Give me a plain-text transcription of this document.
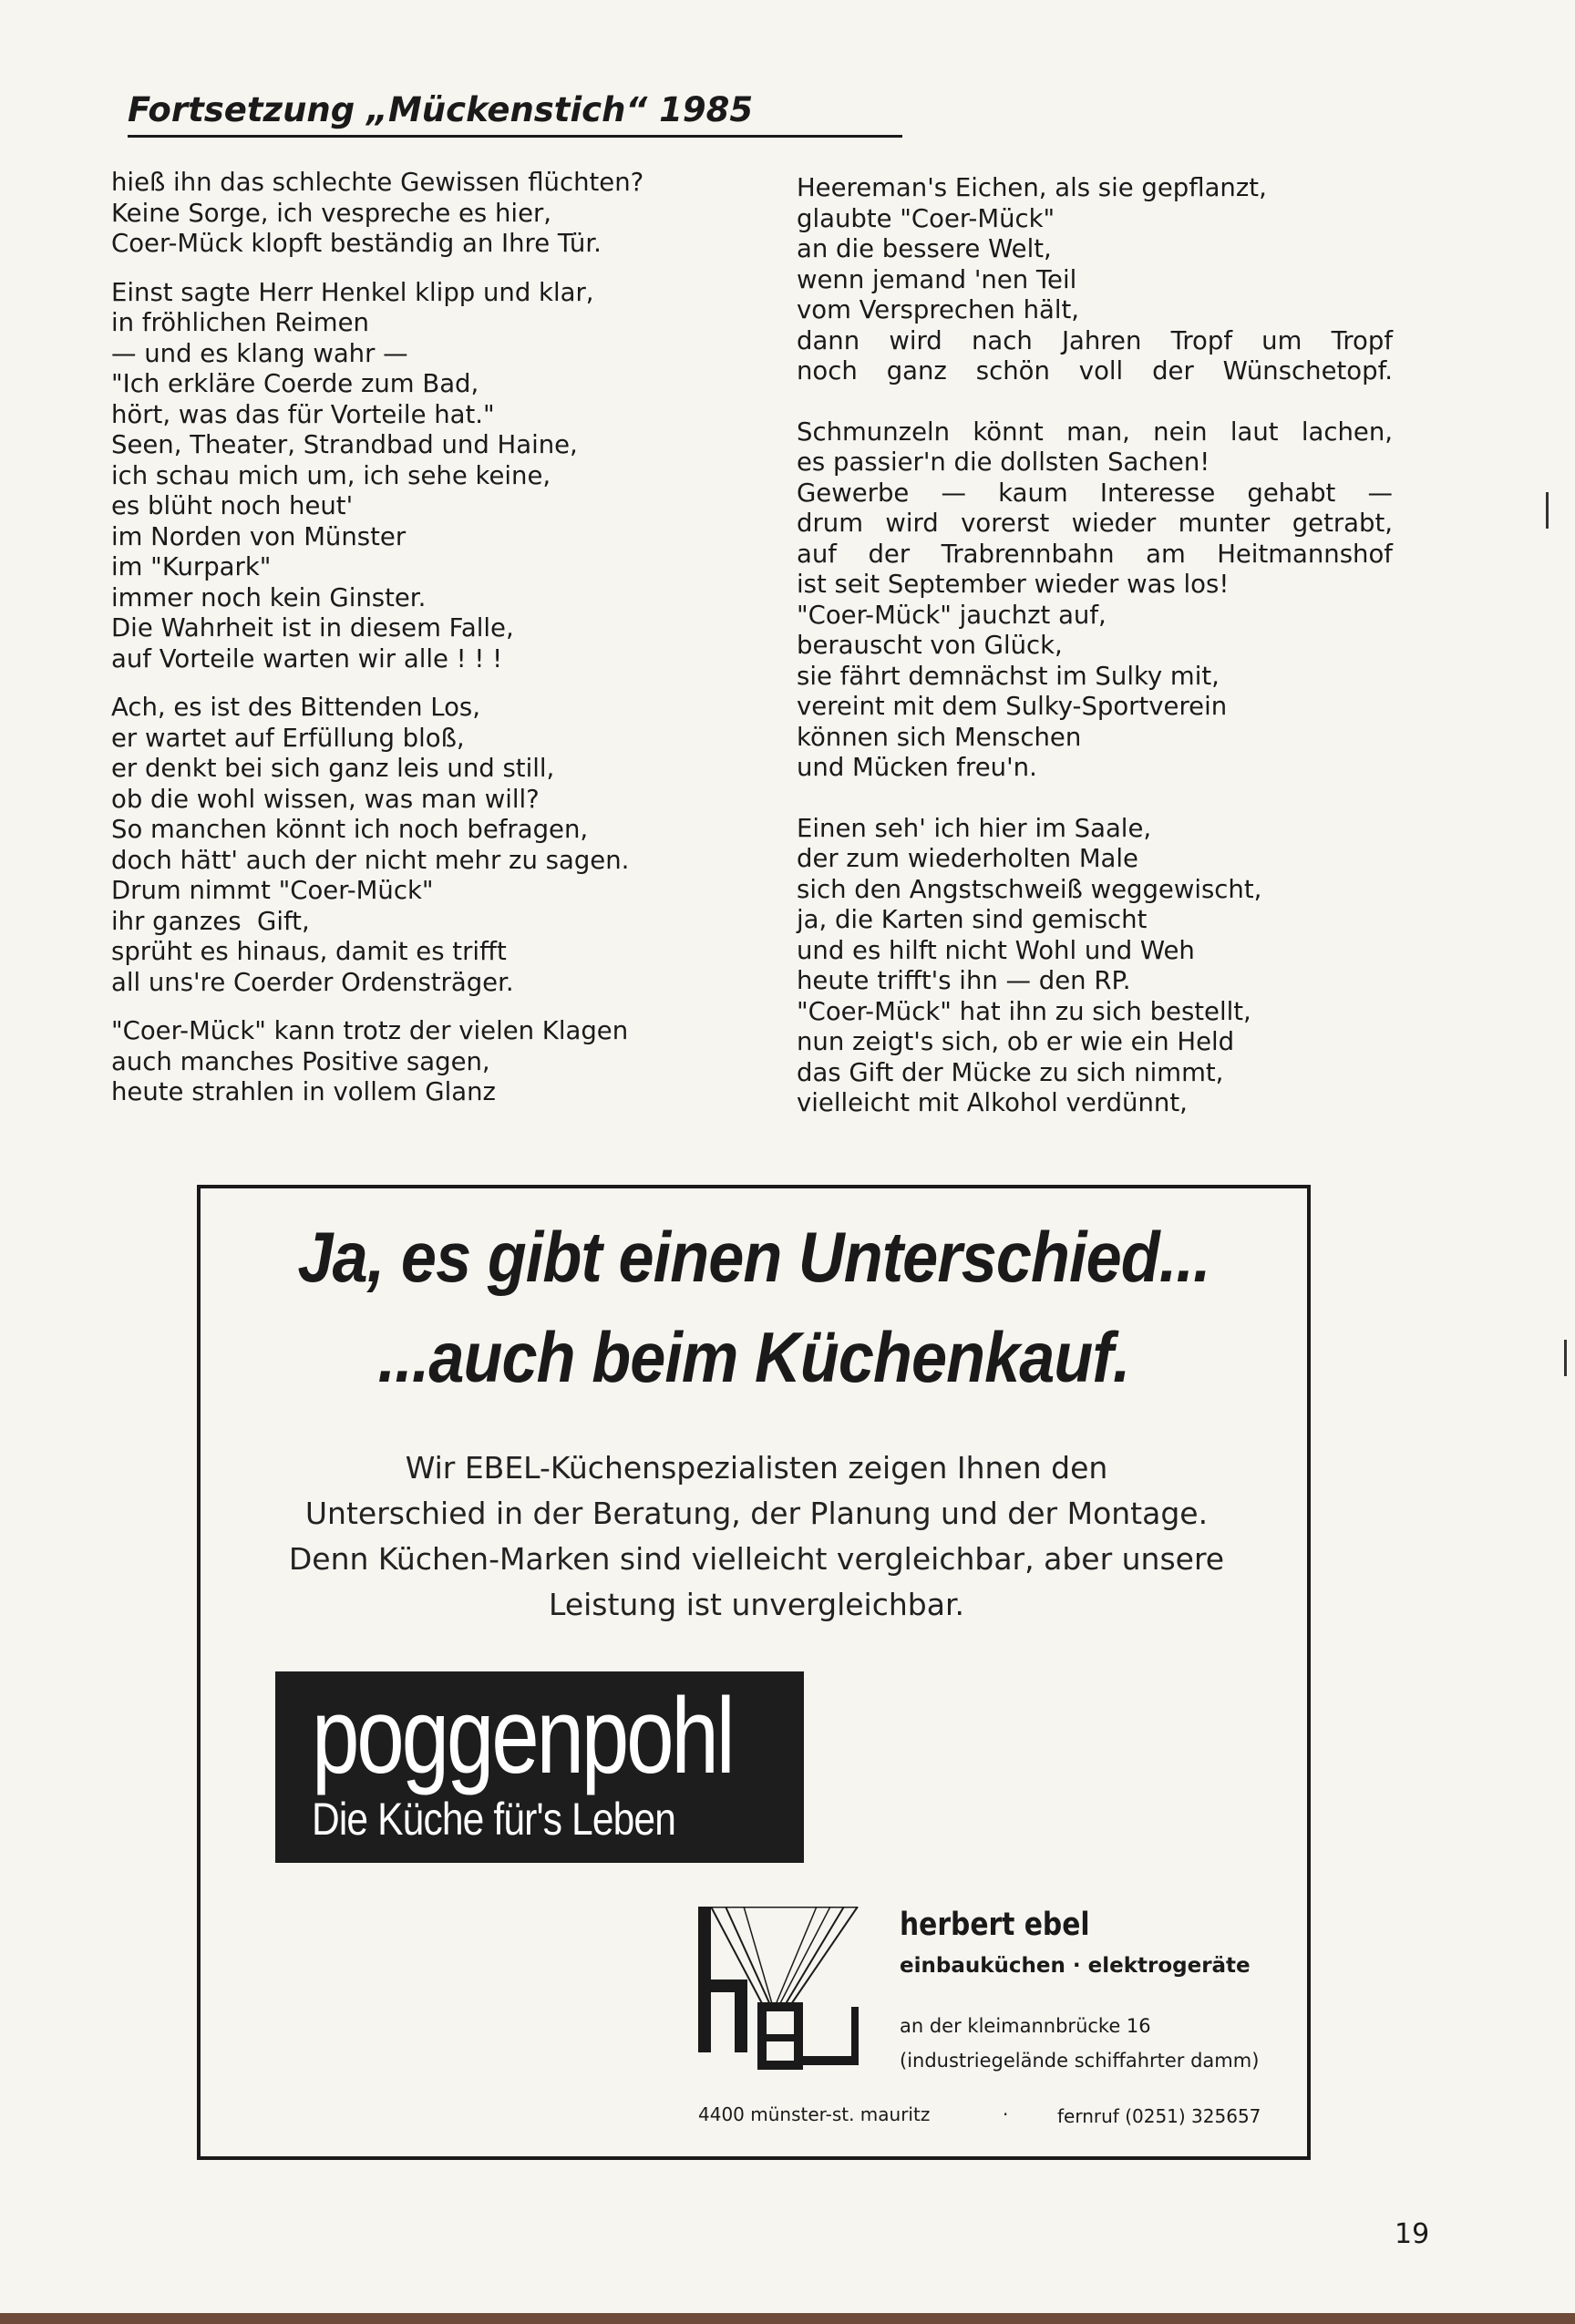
Fortsetzung „Mückenstich“ 1985
hieß ihn das schlechte Gewissen flüchten?
Keine Sorge, ich vespreche es hier,
Coer-Mück klopft beständig an Ihre Tür.
Einst sagte Herr Henkel klipp und klar,
in fröhlichen Reimen
— und es klang wahr —
"Ich erkläre Coerde zum Bad,
hört, was das für Vorteile hat."
Seen, Theater, Strandbad und Haine,
ich schau mich um, ich sehe keine,
es blüht noch heut'
im Norden von Münster
im "Kurpark"
immer noch kein Ginster.
Die Wahrheit ist in diesem Falle,
auf Vorteile warten wir alle ! ! !
Ach, es ist des Bittenden Los,
er wartet auf Erfüllung bloß,
er denkt bei sich ganz leis und still,
ob die wohl wissen, was man will?
So manchen könnt ich noch befragen,
doch hätt' auch der nicht mehr zu sagen.
Drum nimmt "Coer-Mück"
ihr ganzes  Gift,
sprüht es hinaus, damit es trifft
all uns're Coerder Ordensträger.
"Coer-Mück" kann trotz der vielen Klagen
auch manches Positive sagen,
heute strahlen in vollem Glanz
Heereman's Eichen, als sie gepflanzt,
glaubte "Coer-Mück"
an die bessere Welt,
wenn jemand 'nen Teil
vom Versprechen hält,
dann wird nach Jahren Tropf um Tropf
noch ganz schön voll der Wünschetopf.
Schmunzeln könnt man, nein laut lachen,
es passier'n die dollsten Sachen!
Gewerbe — kaum Interesse gehabt —
drum wird vorerst wieder munter getrabt,
auf der Trabrennbahn am Heitmannshof
ist seit September wieder was los!
"Coer-Mück" jauchzt auf,
berauscht von Glück,
sie fährt demnächst im Sulky mit,
vereint mit dem Sulky-Sportverein
können sich Menschen
und Mücken freu'n.
Einen seh' ich hier im Saale,
der zum wiederholten Male
sich den Angstschweiß weggewischt,
ja, die Karten sind gemischt
und es hilft nicht Wohl und Weh
heute trifft's ihn — den RP.
"Coer-Mück" hat ihn zu sich bestellt,
nun zeigt's sich, ob er wie ein Held
das Gift der Mücke zu sich nimmt,
vielleicht mit Alkohol verdünnt,
Ja, es gibt einen Unterschied...
...auch beim Küchenkauf.
Wir EBEL-Küchenspezialisten zeigen Ihnen den
Unterschied in der Beratung, der Planung und der Montage.
Denn Küchen-Marken sind vielleicht vergleichbar, aber unsere
Leistung ist unvergleichbar.
poggenpohl
Die Küche für's Leben
herbert ebel
einbauküchen · elektrogeräte
an der kleimannbrücke 16
(industriegelände schiffahrter damm)
4400 münster-st. mauritz	·	fernruf (0251) 325657
19
